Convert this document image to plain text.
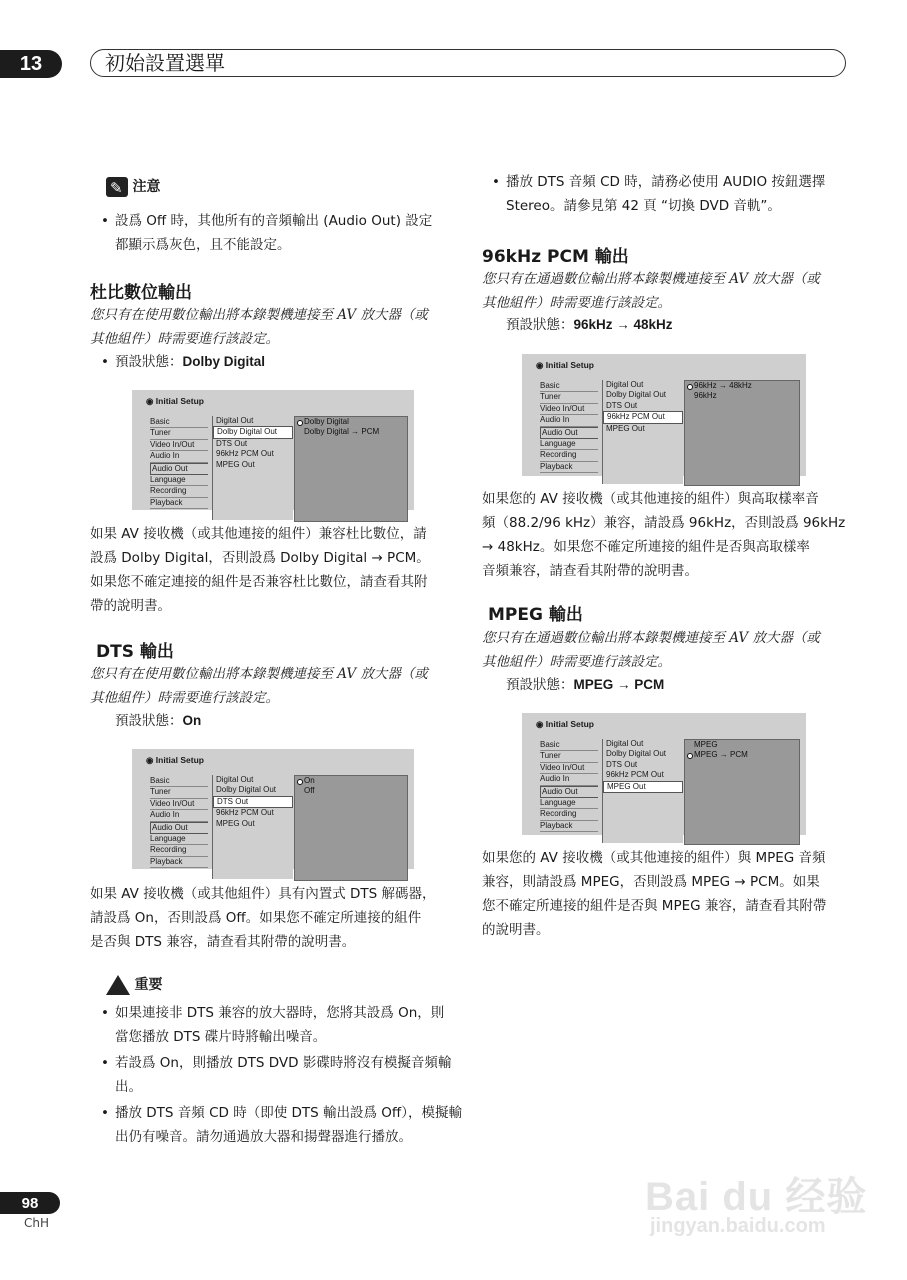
13	初始設置選單
✎ 注意
• 設爲 Off 時，其他所有的音頻輸出 (Audio Out) 設定
都顯示爲灰色，且不能設定。
杜比數位輸出
您只有在使用數位輸出將本錄製機連接至 AV 放大器（或
其他組件）時需要進行該設定。
預設狀態：Dolby Digital
◉ Initial Setup
Basic
Tuner
Video In/Out
Audio In
Audio Out
Language
Recording
Playback
Digital Out
Dolby Digital Out
DTS Out
96kHz PCM Out
MPEG Out
Dolby Digital
Dolby Digital → PCM
如果 AV 接收機（或其他連接的組件）兼容杜比數位，請
設爲 Dolby Digital，否則設爲 Dolby Digital → PCM。
如果您不確定連接的組件是否兼容杜比數位，請查看其附
帶的說明書。
DTS 輸出
您只有在使用數位輸出將本錄製機連接至 AV 放大器（或
其他組件）時需要進行該設定。
預設狀態：On
◉ Initial Setup
Basic
Tuner
Video In/Out
Audio In
Audio Out
Language
Recording
Playback
Digital Out
Dolby Digital Out
DTS Out
96kHz PCM Out
MPEG Out
On
Off
如果 AV 接收機（或其他組件）具有內置式 DTS 解碼器，
請設爲 On，否則設爲 Off。如果您不確定所連接的組件
是否與 DTS 兼容，請查看其附帶的說明書。
重要
• 如果連接非 DTS 兼容的放大器時，您將其設爲 On，則
當您播放 DTS 碟片時將輸出噪音。
• 若設爲 On，則播放 DTS DVD 影碟時將沒有模擬音頻輸
出。
• 播放 DTS 音頻 CD 時（即使 DTS 輸出設爲 Off），模擬輸
出仍有噪音。請勿通過放大器和揚聲器進行播放。
• 播放 DTS 音頻 CD 時，請務必使用 AUDIO 按鈕選擇
Stereo。請參見第 42 頁 “切換 DVD 音軌”。
96kHz PCM 輸出
您只有在通過數位輸出將本錄製機連接至 AV 放大器（或
其他組件）時需要進行該設定。
預設狀態：96kHz → 48kHz
◉ Initial Setup
Basic
Tuner
Video In/Out
Audio In
Audio Out
Language
Recording
Playback
Digital Out
Dolby Digital Out
DTS Out
96kHz PCM Out
MPEG Out
96kHz → 48kHz
96kHz
如果您的 AV 接收機（或其他連接的組件）與高取樣率音
頻（88.2/96 kHz）兼容，請設爲 96kHz，否則設爲 96kHz
→ 48kHz。如果您不確定所連接的組件是否與高取樣率
音頻兼容，請查看其附帶的說明書。
MPEG 輸出
您只有在通過數位輸出將本錄製機連接至 AV 放大器（或
其他組件）時需要進行該設定。
預設狀態：MPEG → PCM
◉ Initial Setup
Basic
Tuner
Video In/Out
Audio In
Audio Out
Language
Recording
Playback
Digital Out
Dolby Digital Out
DTS Out
96kHz PCM Out
MPEG Out
MPEG
MPEG → PCM
如果您的 AV 接收機（或其他連接的組件）與 MPEG 音頻
兼容，則請設爲 MPEG，否則設爲 MPEG → PCM。如果
您不確定所連接的組件是否與 MPEG 兼容，請查看其附帶
的說明書。
98
ChH
Bai du 经验
jingyan.baidu.com
